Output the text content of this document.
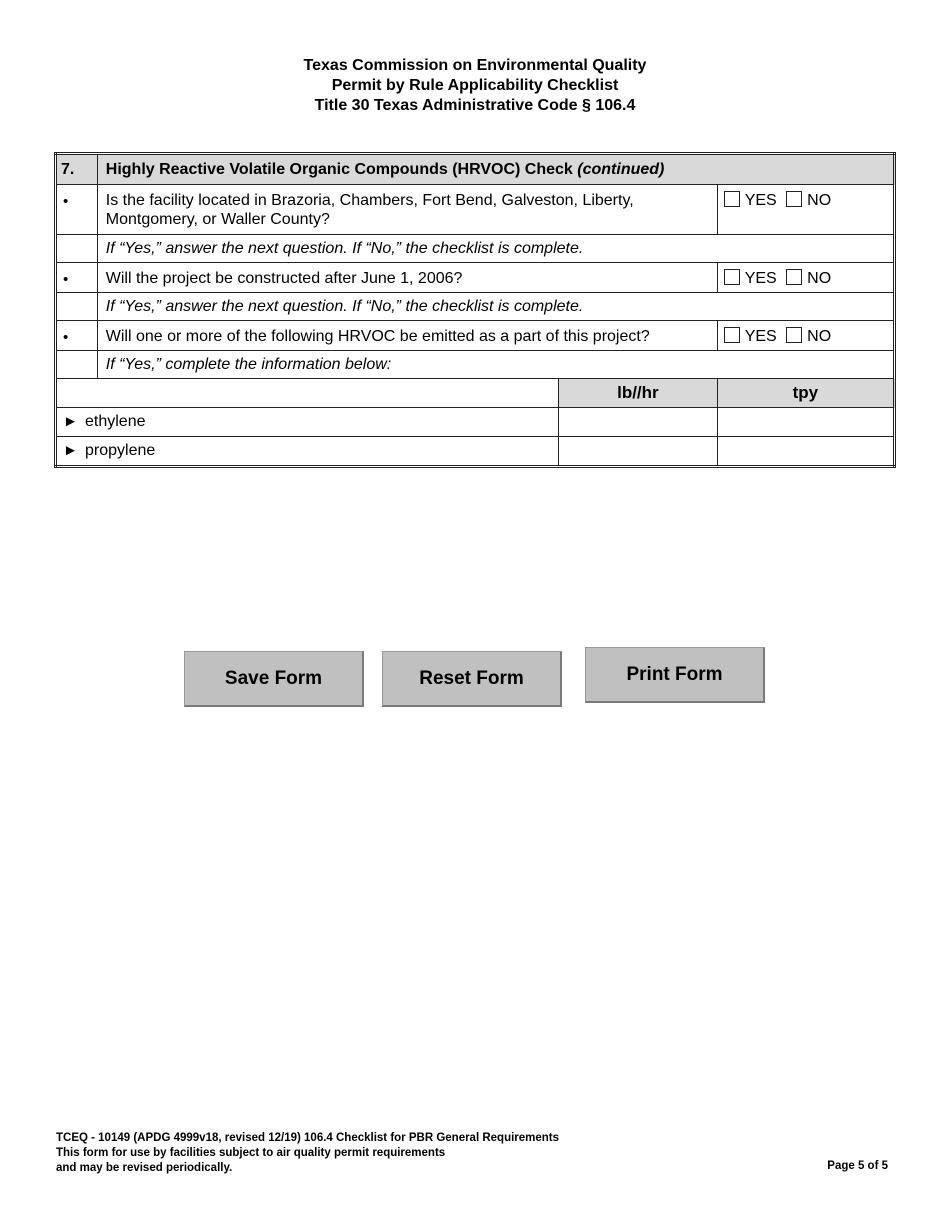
Texas Commission on Environmental Quality
Permit by Rule Applicability Checklist
Title 30 Texas Administrative Code § 106.4
7.	Highly Reactive Volatile Organic Compounds (HRVOC) Check (continued)		
•	Is the facility located in Brazoria, Chambers, Fort Bend, Galveston, Liberty, Montgomery, or Waller County?		YES NO
	If “Yes,” answer the next question. If “No,” the checklist is complete.		
•	Will the project be constructed after June 1, 2006?		YES NO
	If “Yes,” answer the next question. If “No,” the checklist is complete.		
•	Will one or more of the following HRVOC be emitted as a part of this project?		YES NO
	If “Yes,” complete the information below:		
		lb//hr	tpy
► ethylene			
► propylene			
Save Form	Reset Form	Print Form
TCEQ - 10149 (APDG 4999v18, revised 12/19) 106.4 Checklist for PBR General Requirements
This form for use by facilities subject to air quality permit requirements
and may be revised periodically.	Page 5 of 5
